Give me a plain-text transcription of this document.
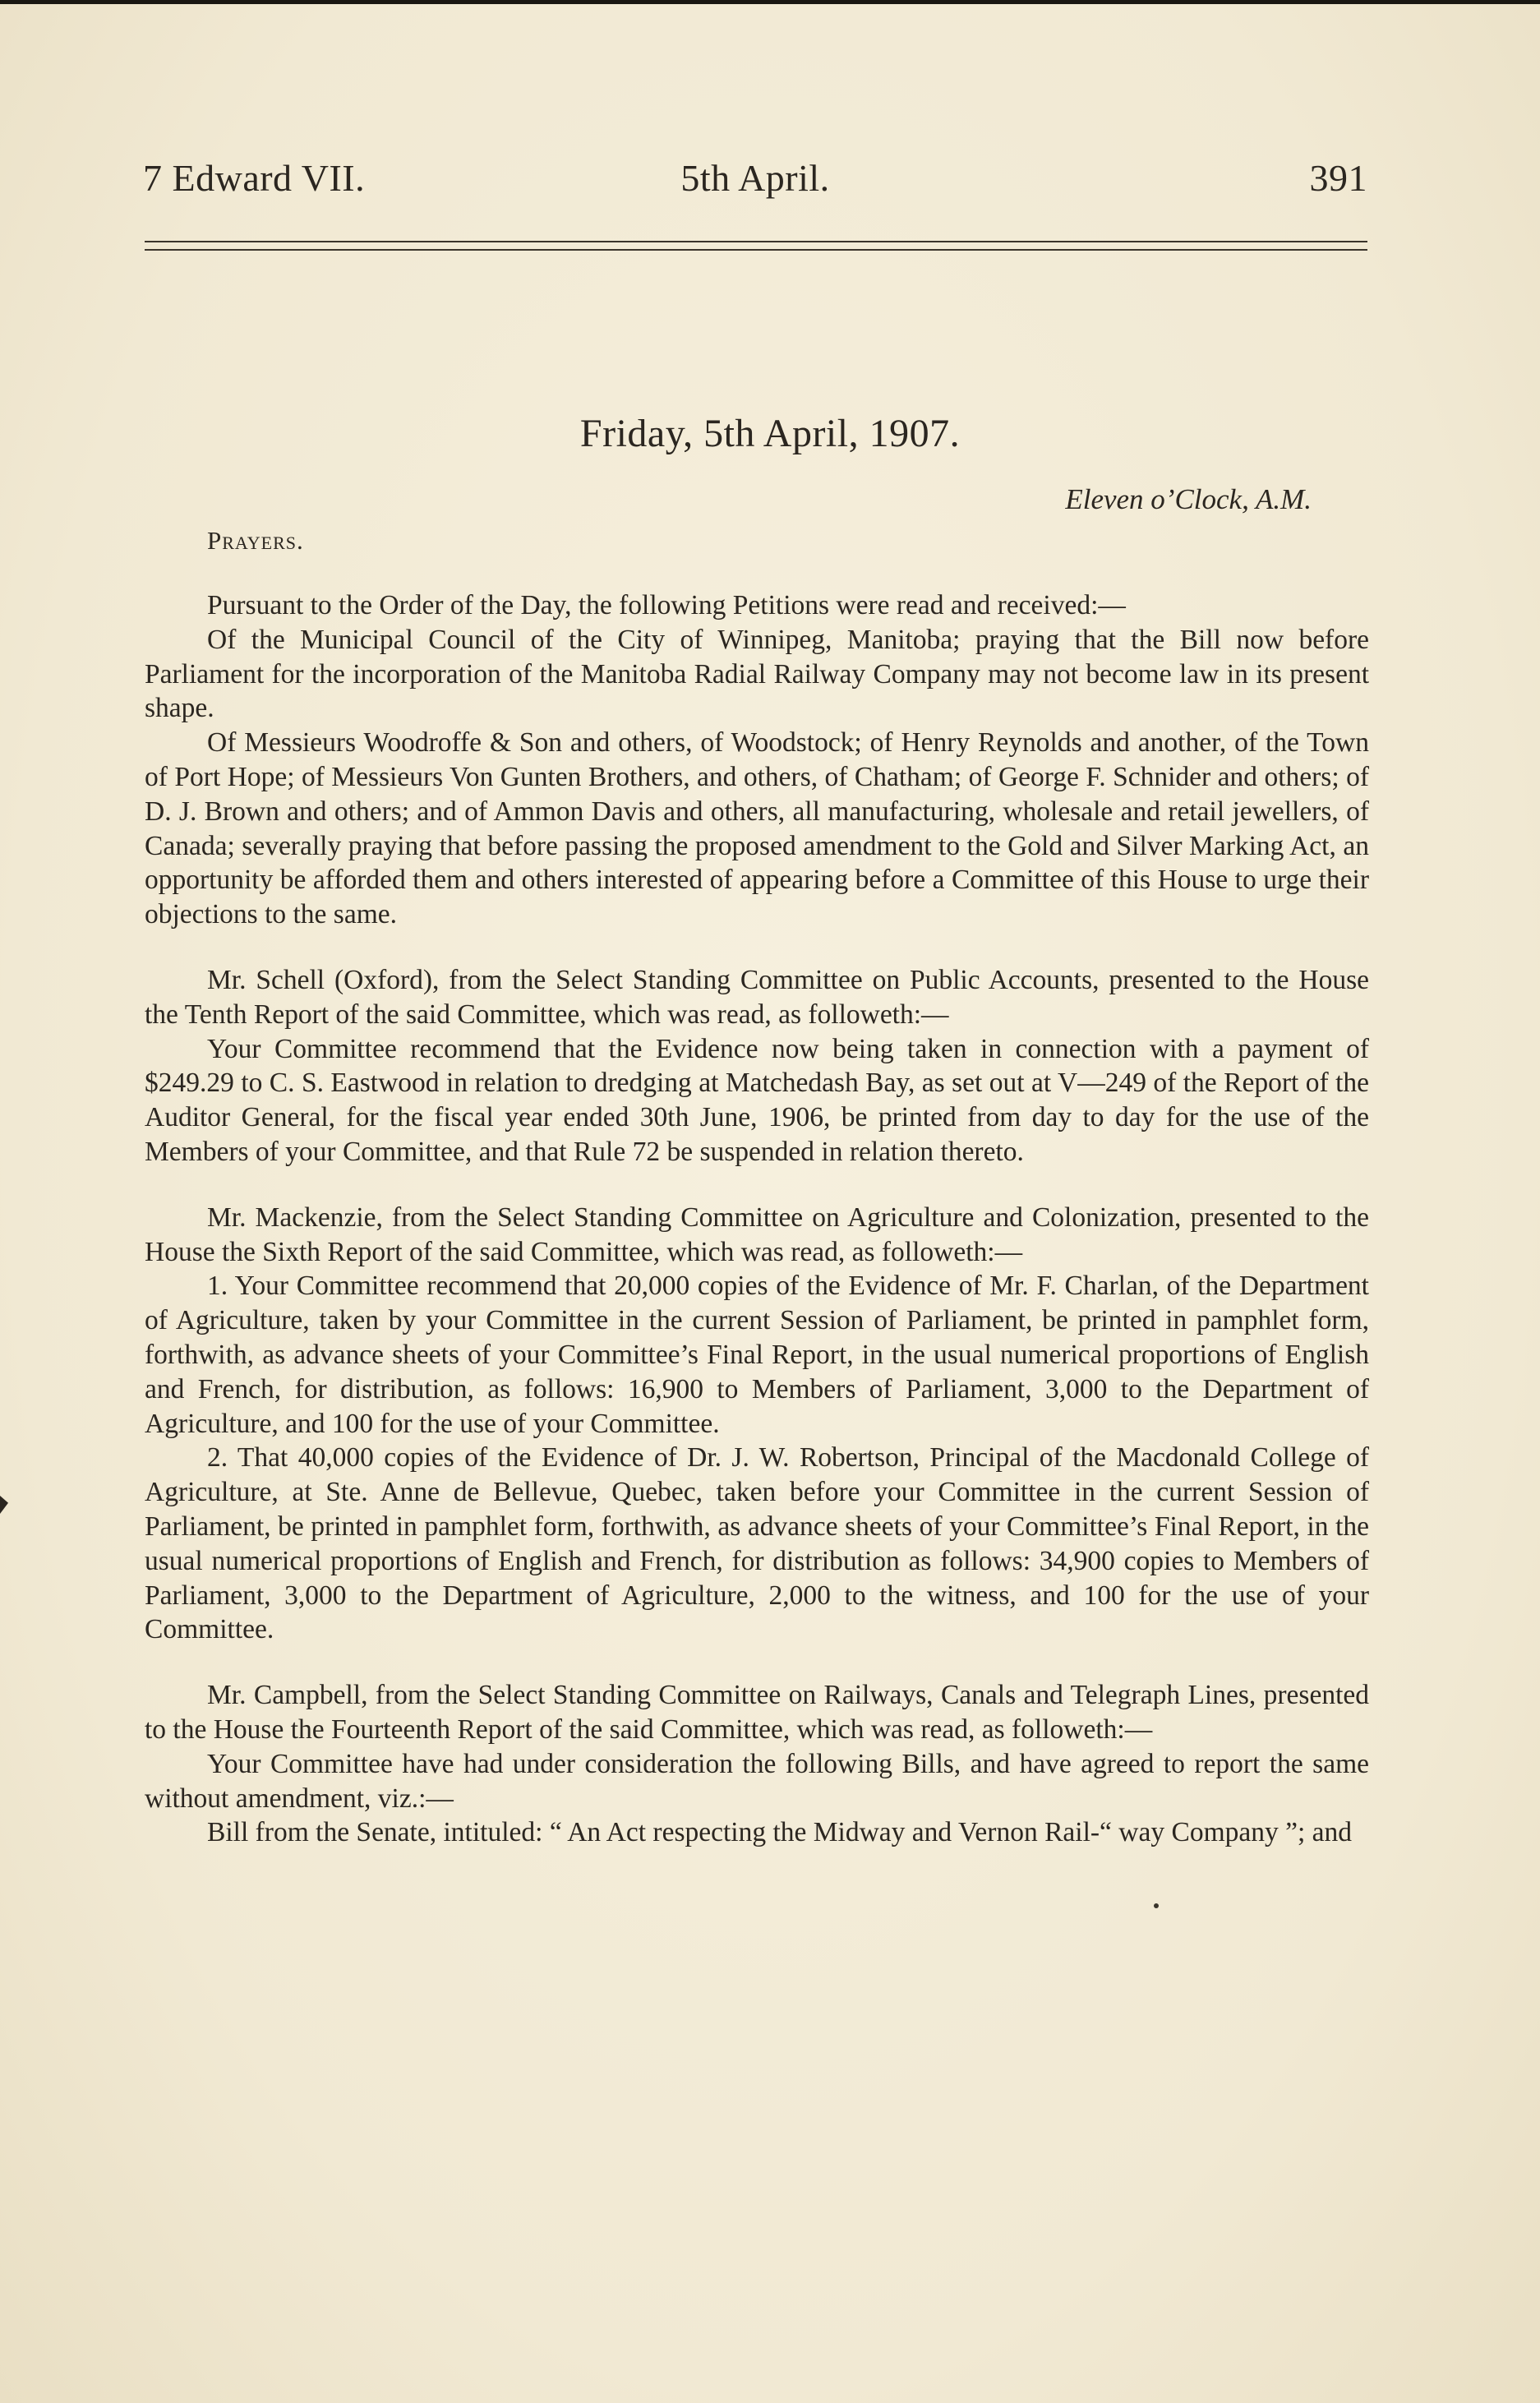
7 Edward VII.	5th April.	391
Friday, 5th April, 1907.
Eleven o’Clock, A.M.
Prayers.

Pursuant to the Order of the Day, the following Petitions were read and received:—

Of the Municipal Council of the City of Winnipeg, Manitoba; praying that the Bill now before Parliament for the incorporation of the Manitoba Radial Railway Company may not become law in its present shape.

Of Messieurs Woodroffe & Son and others, of Woodstock; of Henry Reynolds and another, of the Town of Port Hope; of Messieurs Von Gunten Brothers, and others, of Chatham; of George F. Schnider and others; of D. J. Brown and others; and of Ammon Davis and others, all manufacturing, wholesale and retail jewellers, of Canada; severally praying that before passing the proposed amendment to the Gold and Silver Marking Act, an opportunity be afforded them and others interested of appearing before a Committee of this House to urge their objections to the same.

Mr. Schell (Oxford), from the Select Standing Committee on Public Accounts, presented to the House the Tenth Report of the said Committee, which was read, as followeth:—

Your Committee recommend that the Evidence now being taken in connection with a payment of $249.29 to C. S. Eastwood in relation to dredging at Matchedash Bay, as set out at V—249 of the Report of the Auditor General, for the fiscal year ended 30th June, 1906, be printed from day to day for the use of the Members of your Committee, and that Rule 72 be suspended in relation thereto.

Mr. Mackenzie, from the Select Standing Committee on Agriculture and Colonization, presented to the House the Sixth Report of the said Committee, which was read, as followeth:—

1. Your Committee recommend that 20,000 copies of the Evidence of Mr. F. Charlan, of the Department of Agriculture, taken by your Committee in the current Session of Parliament, be printed in pamphlet form, forthwith, as advance sheets of your Committee’s Final Report, in the usual numerical proportions of English and French, for distribution, as follows: 16,900 to Members of Parliament, 3,000 to the Department of Agriculture, and 100 for the use of your Committee.

2. That 40,000 copies of the Evidence of Dr. J. W. Robertson, Principal of the Macdonald College of Agriculture, at Ste. Anne de Bellevue, Quebec, taken before your Committee in the current Session of Parliament, be printed in pamphlet form, forthwith, as advance sheets of your Committee’s Final Report, in the usual numerical proportions of English and French, for distribution as follows: 34,900 copies to Members of Parliament, 3,000 to the Department of Agriculture, 2,000 to the witness, and 100 for the use of your Committee.

Mr. Campbell, from the Select Standing Committee on Railways, Canals and Telegraph Lines, presented to the House the Fourteenth Report of the said Committee, which was read, as followeth:—

Your Committee have had under consideration the following Bills, and have agreed to report the same without amendment, viz.:—

Bill from the Senate, intituled: “ An Act respecting the Midway and Vernon Rail-“ way Company ”; and
